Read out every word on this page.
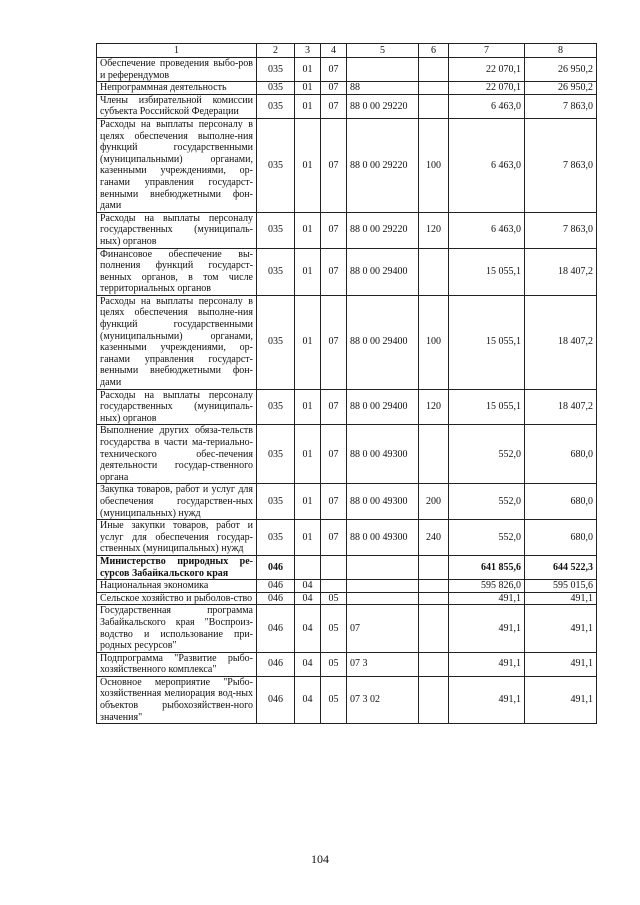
1	2	3	4	5	6	7	8
Обеспечение проведения выбо-ров и референдумов	035	01	07			22 070,1	26 950,2
Непрограммная деятельность	035	01	07	88		22 070,1	26 950,2
Члены избирательной комиссии субъекта Российской Федерации	035	01	07	88 0 00 29220		6 463,0	7 863,0
Расходы на выплаты персоналу в целях обеспечения выполне-ния функций государственными (муниципальными) органами, казенными учреждениями, ор-ганами управления государст-венными внебюджетными фон-дами	035	01	07	88 0 00 29220	100	6 463,0	7 863,0
Расходы на выплаты персоналу государственных (муниципаль-ных) органов	035	01	07	88 0 00 29220	120	6 463,0	7 863,0
Финансовое обеспечение вы-полнения функций государст-венных органов, в том числе территориальных органов	035	01	07	88 0 00 29400		15 055,1	18 407,2
Расходы на выплаты персоналу в целях обеспечения выполне-ния функций государственными (муниципальными) органами, казенными учреждениями, ор-ганами управления государст-венными внебюджетными фон-дами	035	01	07	88 0 00 29400	100	15 055,1	18 407,2
Расходы на выплаты персоналу государственных (муниципаль-ных) органов	035	01	07	88 0 00 29400	120	15 055,1	18 407,2
Выполнение других обяза-тельств государства в части ма-териально-технического обес-печения деятельности государ-ственного органа	035	01	07	88 0 00 49300		552,0	680,0
Закупка товаров, работ и услуг для обеспечения государствен-ных (муниципальных) нужд	035	01	07	88 0 00 49300	200	552,0	680,0
Иные закупки товаров, работ и услуг для обеспечения государ-ственных (муниципальных) нужд	035	01	07	88 0 00 49300	240	552,0	680,0
Министерство природных ре-сурсов Забайкальского края	046					641 855,6	644 522,3
Национальная экономика	046	04				595 826,0	595 015,6
Сельское хозяйство и рыболов-ство	046	04	05			491,1	491,1
Государственная программа Забайкальского края "Воспроиз-водство и использование при-родных ресурсов"	046	04	05	07		491,1	491,1
Подпрограмма "Развитие рыбо-хозяйственного комплекса"	046	04	05	07 3		491,1	491,1
Основное мероприятие "Рыбо-хозяйственная мелиорация вод-ных объектов рыбохозяйствен-ного значения"	046	04	05	07 3 02		491,1	491,1
104
